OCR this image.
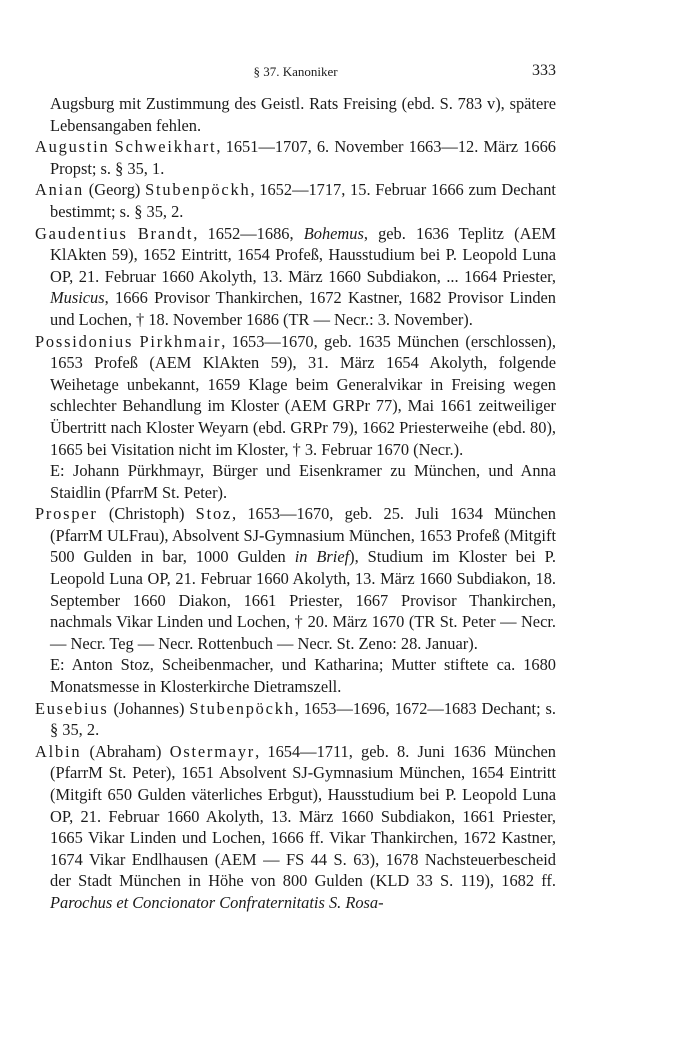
§ 37. Kanoniker	333

Augsburg mit Zustimmung des Geistl. Rats Freising (ebd. S. 783 v), spätere Lebensangaben fehlen.

Augustin Schweikhart, 1651—1707, 6. November 1663—12. März 1666 Propst; s. § 35, 1.

Anian (Georg) Stubenpöckh, 1652—1717, 15. Februar 1666 zum Dechant bestimmt; s. § 35, 2.

Gaudentius Brandt, 1652—1686, Bohemus, geb. 1636 Teplitz (AEM KlAkten 59), 1652 Eintritt, 1654 Profeß, Hausstudium bei P. Leopold Luna OP, 21. Februar 1660 Akolyth, 13. März 1660 Subdiakon, ... 1664 Priester, Musicus, 1666 Provisor Thankirchen, 1672 Kastner, 1682 Provisor Linden und Lochen, † 18. November 1686 (TR — Necr.: 3. November).

Possidonius Pirkhmair, 1653—1670, geb. 1635 München (erschlossen), 1653 Profeß (AEM KlAkten 59), 31. März 1654 Akolyth, folgende Weihetage unbekannt, 1659 Klage beim Generalvikar in Freising wegen schlechter Behandlung im Kloster (AEM GRPr 77), Mai 1661 zeitweiliger Übertritt nach Kloster Weyarn (ebd. GRPr 79), 1662 Priesterweihe (ebd. 80), 1665 bei Visitation nicht im Kloster, † 3. Februar 1670 (Necr.).

E: Johann Pürkhmayr, Bürger und Eisenkramer zu München, und Anna Staidlin (PfarrM St. Peter).

Prosper (Christoph) Stoz, 1653—1670, geb. 25. Juli 1634 München (PfarrM ULFrau), Absolvent SJ-Gymnasium München, 1653 Profeß (Mitgift 500 Gulden in bar, 1000 Gulden in Brief), Studium im Kloster bei P. Leopold Luna OP, 21. Februar 1660 Akolyth, 13. März 1660 Subdiakon, 18. September 1660 Diakon, 1661 Priester, 1667 Provisor Thankirchen, nachmals Vikar Linden und Lochen, † 20. März 1670 (TR St. Peter — Necr. — Necr. Teg — Necr. Rottenbuch — Necr. St. Zeno: 28. Januar).

E: Anton Stoz, Scheibenmacher, und Katharina; Mutter stiftete ca. 1680 Monatsmesse in Klosterkirche Dietramszell.

Eusebius (Johannes) Stubenpöckh, 1653—1696, 1672—1683 Dechant; s. § 35, 2.

Albin (Abraham) Ostermayr, 1654—1711, geb. 8. Juni 1636 München (PfarrM St. Peter), 1651 Absolvent SJ-Gymnasium München, 1654 Eintritt (Mitgift 650 Gulden väterliches Erbgut), Hausstudium bei P. Leopold Luna OP, 21. Februar 1660 Akolyth, 13. März 1660 Subdiakon, 1661 Priester, 1665 Vikar Linden und Lochen, 1666 ff. Vikar Thankirchen, 1672 Kastner, 1674 Vikar Endlhausen (AEM — FS 44 S. 63), 1678 Nachsteuerbescheid der Stadt München in Höhe von 800 Gulden (KLD 33 S. 119), 1682 ff. Parochus et Concionator Confraternitatis S. Rosa-
